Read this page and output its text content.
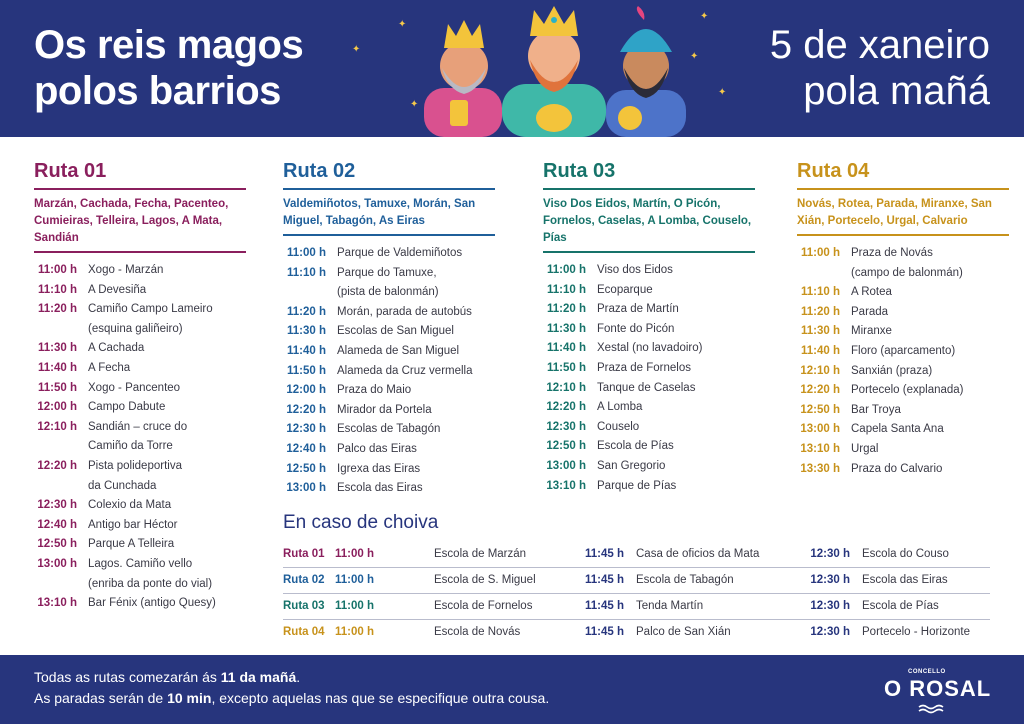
Os reis magos
polos barrios
5 de xaneiro
pola mañá
✦
✦
✦
✦
✦
✦
Ruta 01
Marzán, Cachada, Fecha, Pacenteo, Cumieiras, Telleira, Lagos, A Mata, Sandián
11:00 h Xogo - Marzán
11:10 h A Devesiña
11:20 h Camiño Campo Lameiro
(esquina galiñeiro)
11:30 h A Cachada
11:40 h A Fecha
11:50 h Xogo - Pancenteo
12:00 h Campo Dabute
12:10 h Sandián – cruce do
Camiño da Torre
12:20 h Pista polideportiva
da Cunchada
12:30 h Colexio da Mata
12:40 h Antigo bar Héctor
12:50 h Parque A Telleira
13:00 h Lagos. Camiño vello
(enriba da ponte do vial)
13:10 h Bar Fénix (antigo Quesy)
Ruta 02
Valdemiñotos, Tamuxe, Morán, San Miguel, Tabagón, As Eiras
11:00 h Parque de Valdemiñotos
11:10 h Parque do Tamuxe,
(pista de balonmán)
11:20 h Morán, parada de autobús
11:30 h Escolas de San Miguel
11:40 h Alameda de San Miguel
11:50 h Alameda da Cruz vermella
12:00 h Praza do Maio
12:20 h Mirador da Portela
12:30 h Escolas de Tabagón
12:40 h Palco das Eiras
12:50 h Igrexa das Eiras
13:00 h Escola das Eiras
Ruta 03
Viso Dos Eidos, Martín, O Picón, Fornelos, Caselas, A Lomba, Couselo, Pías
11:00 h Viso dos Eidos
11:10 h Ecoparque
11:20 h Praza de Martín
11:30 h Fonte do Picón
11:40 h Xestal (no lavadoiro)
11:50 h Praza de Fornelos
12:10 h Tanque de Caselas
12:20 h A Lomba
12:30 h Couselo
12:50 h Escola de Pías
13:00 h San Gregorio
13:10 h Parque de Pías
Ruta 04
Novás, Rotea, Parada, Miranxe, San Xián, Portecelo, Urgal, Calvario
11:00 h Praza de Novás
(campo de balonmán)
11:10 h A Rotea
11:20 h Parada
11:30 h Miranxe
11:40 h Floro (aparcamento)
12:10 h Sanxián (praza)
12:20 h Portecelo (explanada)
12:50 h Bar Troya
13:00 h Capela Santa Ana
13:10 h Urgal
13:30 h Praza do Calvario
En caso de choiva
Ruta 01 11:00 h	Escola de Marzán	11:45 h Casa de oficios da Mata	12:30 h Escola do Couso
Ruta 02 11:00 h	Escola de S. Miguel	11:45 h Escola de Tabagón	12:30 h Escola das Eiras
Ruta 03 11:00 h	Escola de Fornelos	11:45 h Tenda Martín	12:30 h Escola de Pías
Ruta 04 11:00 h	Escola de Novás	11:45 h Palco de San Xián	12:30 h Portecelo - Horizonte
Todas as rutas comezarán ás 11 da mañá.
As paradas serán de 10 min, excepto aquelas nas que se especifique outra cousa.
CONCELLO
O ROSAL
